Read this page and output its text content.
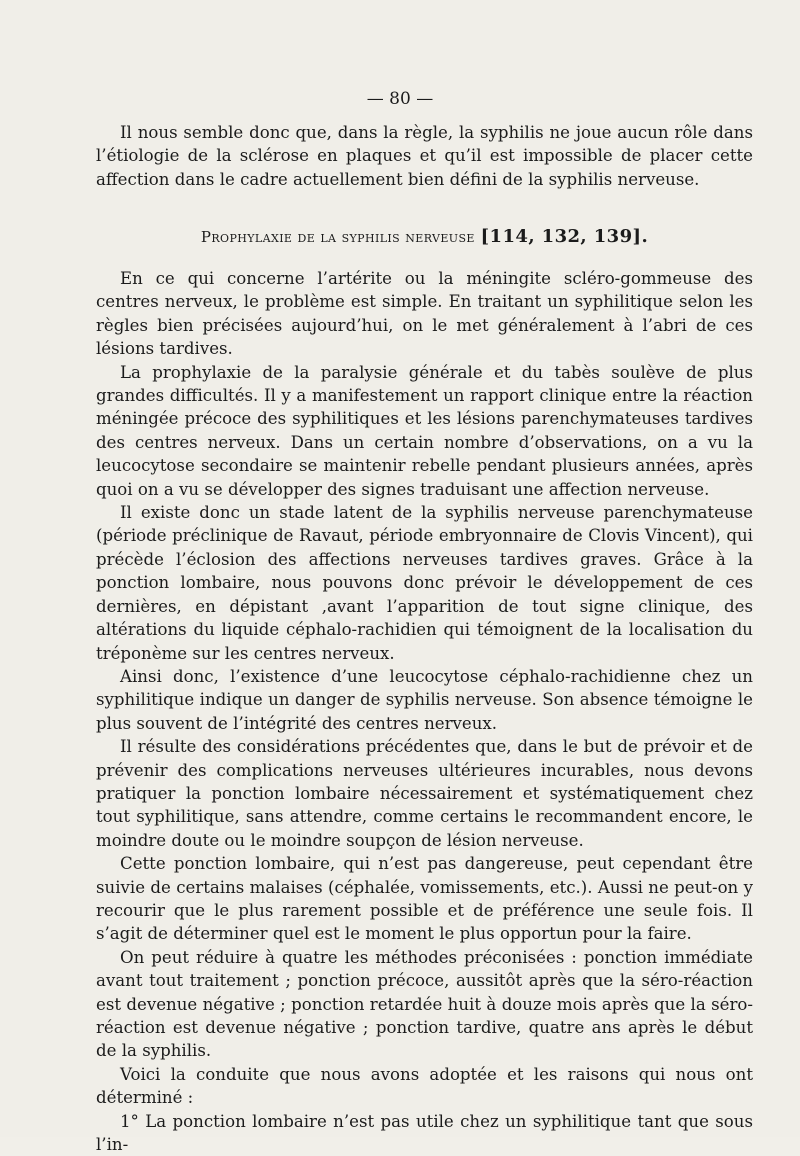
— 80 —

Il nous semble donc que, dans la règle, la syphilis ne joue aucun rôle dans l’étiologie de la sclérose en plaques et qu’il est impossible de placer cette affection dans le cadre actuellement bien défini de la syphilis nerveuse.

Prophylaxie de la syphilis nerveuse [114, 132, 139].

En ce qui concerne l’artérite ou la méningite scléro-gommeuse des centres nerveux, le problème est simple. En traitant un syphilitique selon les règles bien précisées aujourd’hui, on le met généralement à l’abri de ces lésions tardives.

La prophylaxie de la paralysie générale et du tabès soulève de plus grandes difficultés. Il y a manifestement un rapport clinique entre la réaction méningée précoce des syphilitiques et les lésions parenchymateuses tardives des centres nerveux. Dans un certain nombre d’observations, on a vu la leucocytose secondaire se maintenir rebelle pendant plusieurs années, après quoi on a vu se développer des signes traduisant une affection nerveuse.

Il existe donc un stade latent de la syphilis nerveuse parenchymateuse (période préclinique de Ravaut, période embryonnaire de Clovis Vincent), qui précède l’éclosion des affections nerveuses tardives graves. Grâce à la ponction lombaire, nous pouvons donc prévoir le développement de ces dernières, en dépistant ,avant l’apparition de tout signe clinique, des altérations du liquide céphalo-rachidien qui témoignent de la localisation du tréponème sur les centres nerveux.

Ainsi donc, l’existence d’une leucocytose céphalo-rachidienne chez un syphilitique indique un danger de syphilis nerveuse. Son absence témoigne le plus souvent de l’intégrité des centres nerveux.

Il résulte des considérations précédentes que, dans le but de prévoir et de prévenir des complications nerveuses ultérieures incurables, nous devons pratiquer la ponction lombaire nécessairement et systématiquement chez tout syphilitique, sans attendre, comme certains le recommandent encore, le moindre doute ou le moindre soupçon de lésion nerveuse.

Cette ponction lombaire, qui n’est pas dangereuse, peut cependant être suivie de certains malaises (céphalée, vomissements, etc.). Aussi ne peut-on y recourir que le plus rarement possible et de préférence une seule fois. Il s’agit de déterminer quel est le moment le plus opportun pour la faire.

On peut réduire à quatre les méthodes préconisées : ponction immédiate avant tout traitement ; ponction précoce, aussitôt après que la séro-réaction est devenue négative ; ponction retardée huit à douze mois après que la séro-réaction est devenue négative ; ponction tardive, quatre ans après le début de la syphilis.

Voici la conduite que nous avons adoptée et les raisons qui nous ont déterminé :

1° La ponction lombaire n’est pas utile chez un syphilitique tant que sous l’in-
